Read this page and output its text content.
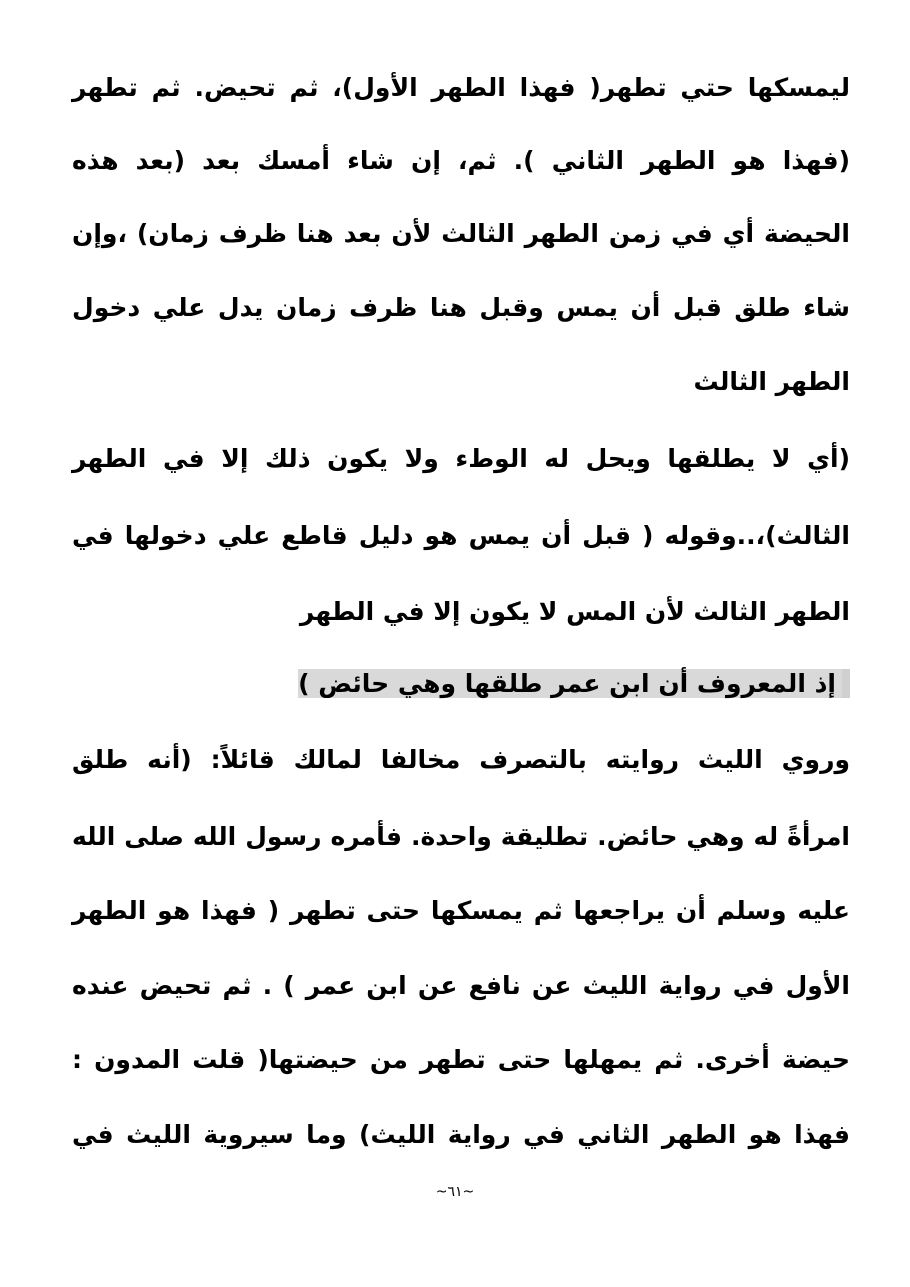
ليمسكها حتي تطهر( فهذا الطهر الأول)، ثم تحيض. ثم تطهر
(فهذا هو الطهر الثاني ). ثم، إن شاء أمسك بعد (بعد هذه
الحيضة أي في زمن الطهر الثالث لأن بعد هنا ظرف زمان) ،وإن
شاء طلق قبل أن يمس وقبل هنا ظرف زمان يدل علي دخول
الطهر الثالث
(أي لا يطلقها ويحل له الوطء ولا يكون ذلك إلا في الطهر
الثالث)،..وقوله ( قبل أن يمس هو دليل قاطع علي دخولها في
الطهر الثالث لأن المس لا يكون إلا في الطهر
إذ المعروف أن ابن عمر طلقها وهي حائض )
وروي الليث روايته بالتصرف مخالفا لمالك قائلاً: (أنه طلق
امرأةً له وهي حائض. تطليقة واحدة. فأمره رسول الله صلى الله
عليه وسلم أن يراجعها ثم يمسكها حتى تطهر ( فهذا هو الطهر
الأول في رواية الليث عن نافع عن ابن عمر ) . ثم تحيض عنده
حيضة أخرى. ثم يمهلها حتى تطهر من حيضتها( قلت المدون :
فهذا هو الطهر الثاني في رواية الليث) وما سيروية الليث في
~٦١~
